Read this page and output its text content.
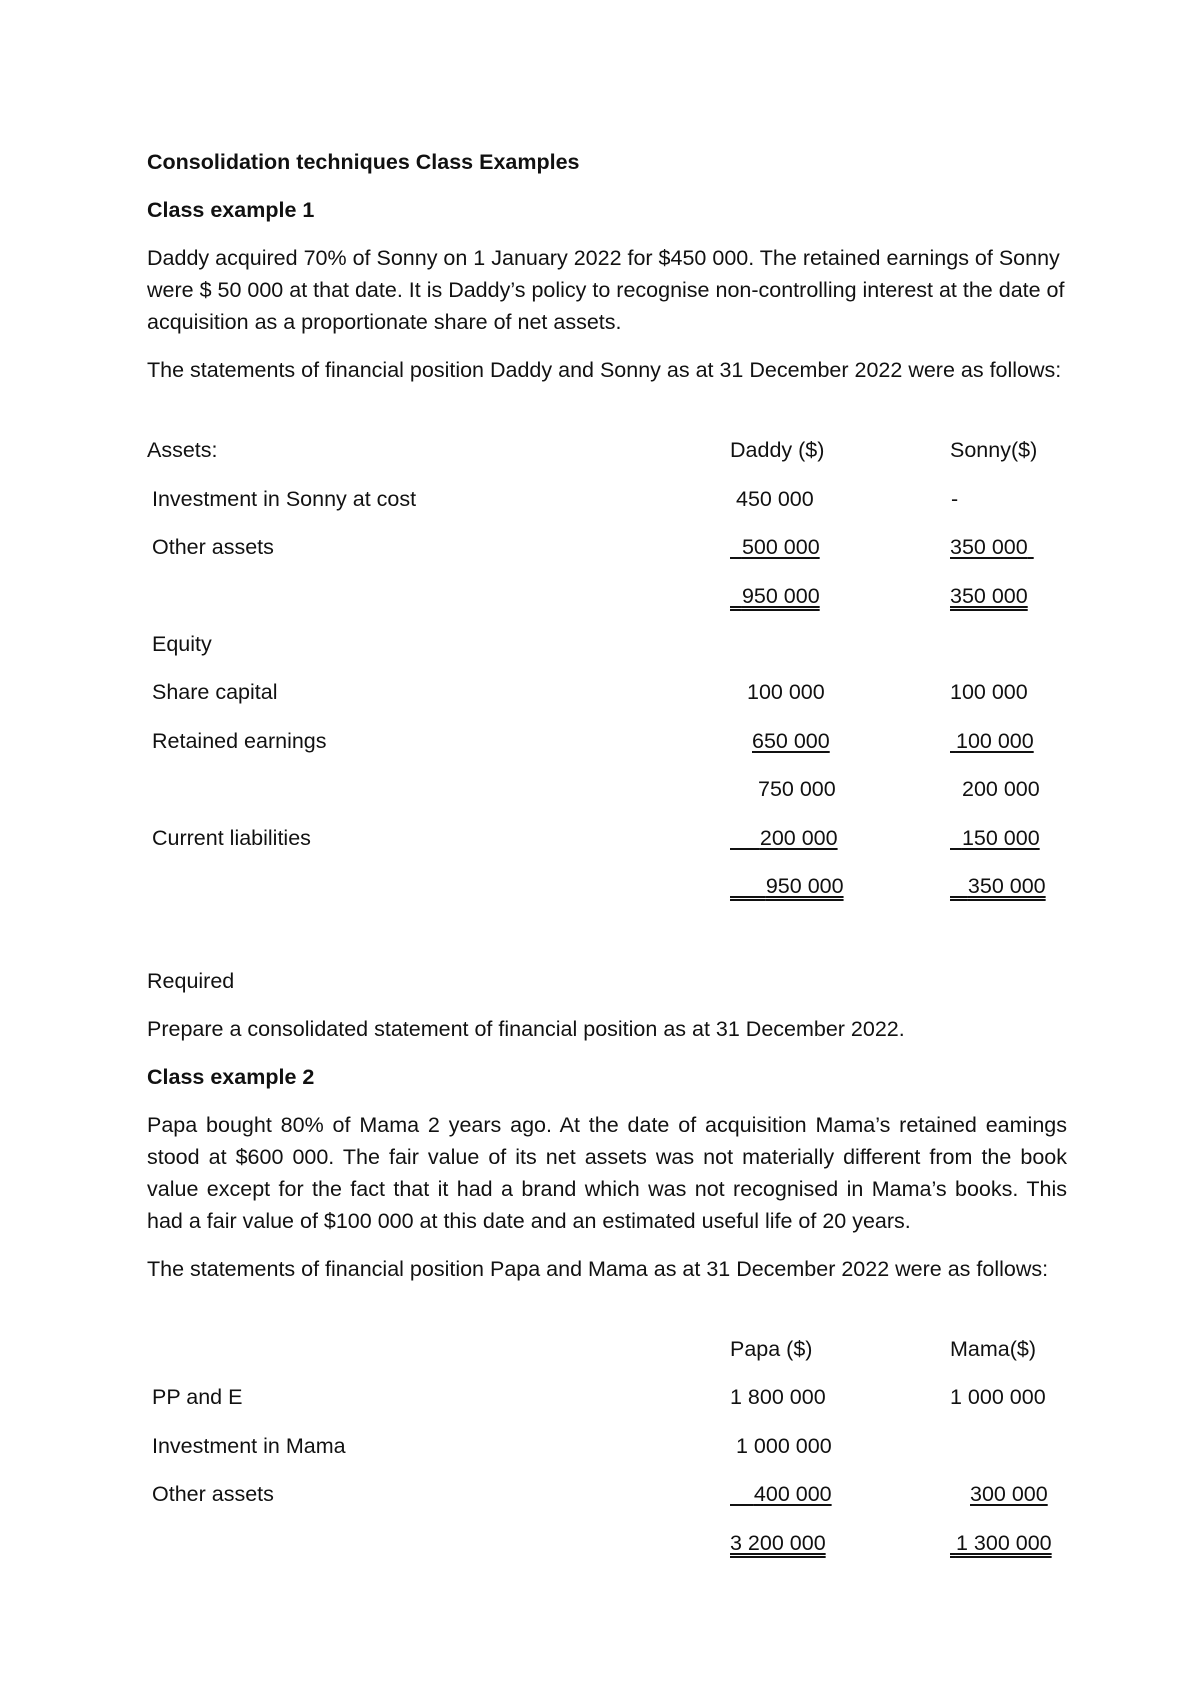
Consolidation techniques Class Examples
Class example 1
Daddy acquired 70% of Sonny on 1 January 2022 for $450 000. The retained earnings of Sonny were $ 50 000 at that date. It is Daddy’s policy to recognise non-controlling interest at the date of acquisition as a proportionate share of net assets.
The statements of financial position Daddy and Sonny as at 31 December 2022 were as follows:
Assets:	Daddy ($)	Sonny($)
Investment in Sonny at cost	450 000	-
Other assets	500 000	350 000
950 000	350 000
Equity
Share capital	100 000	100 000
Retained earnings	650 000	100 000
750 000	200 000
Current liabilities	200 000	150 000
950 000	350 000
Required
Prepare a consolidated statement of financial position as at 31 December 2022.
Class example 2
Papa bought 80% of Mama 2 years ago. At the date of acquisition Mama’s retained eamings stood at $600 000. The fair value of its net assets was not materially different from the book value except for the fact that it had a brand which was not recognised in Mama’s books. This had a fair value of $100 000 at this date and an estimated useful life of 20 years.
The statements of financial position Papa and Mama as at 31 December 2022 were as follows:
Papa ($)	Mama($)
PP and E	1 800 000	1 000 000
Investment in Mama	1 000 000
Other assets	400 000	300 000
3 200 000	1 300 000
